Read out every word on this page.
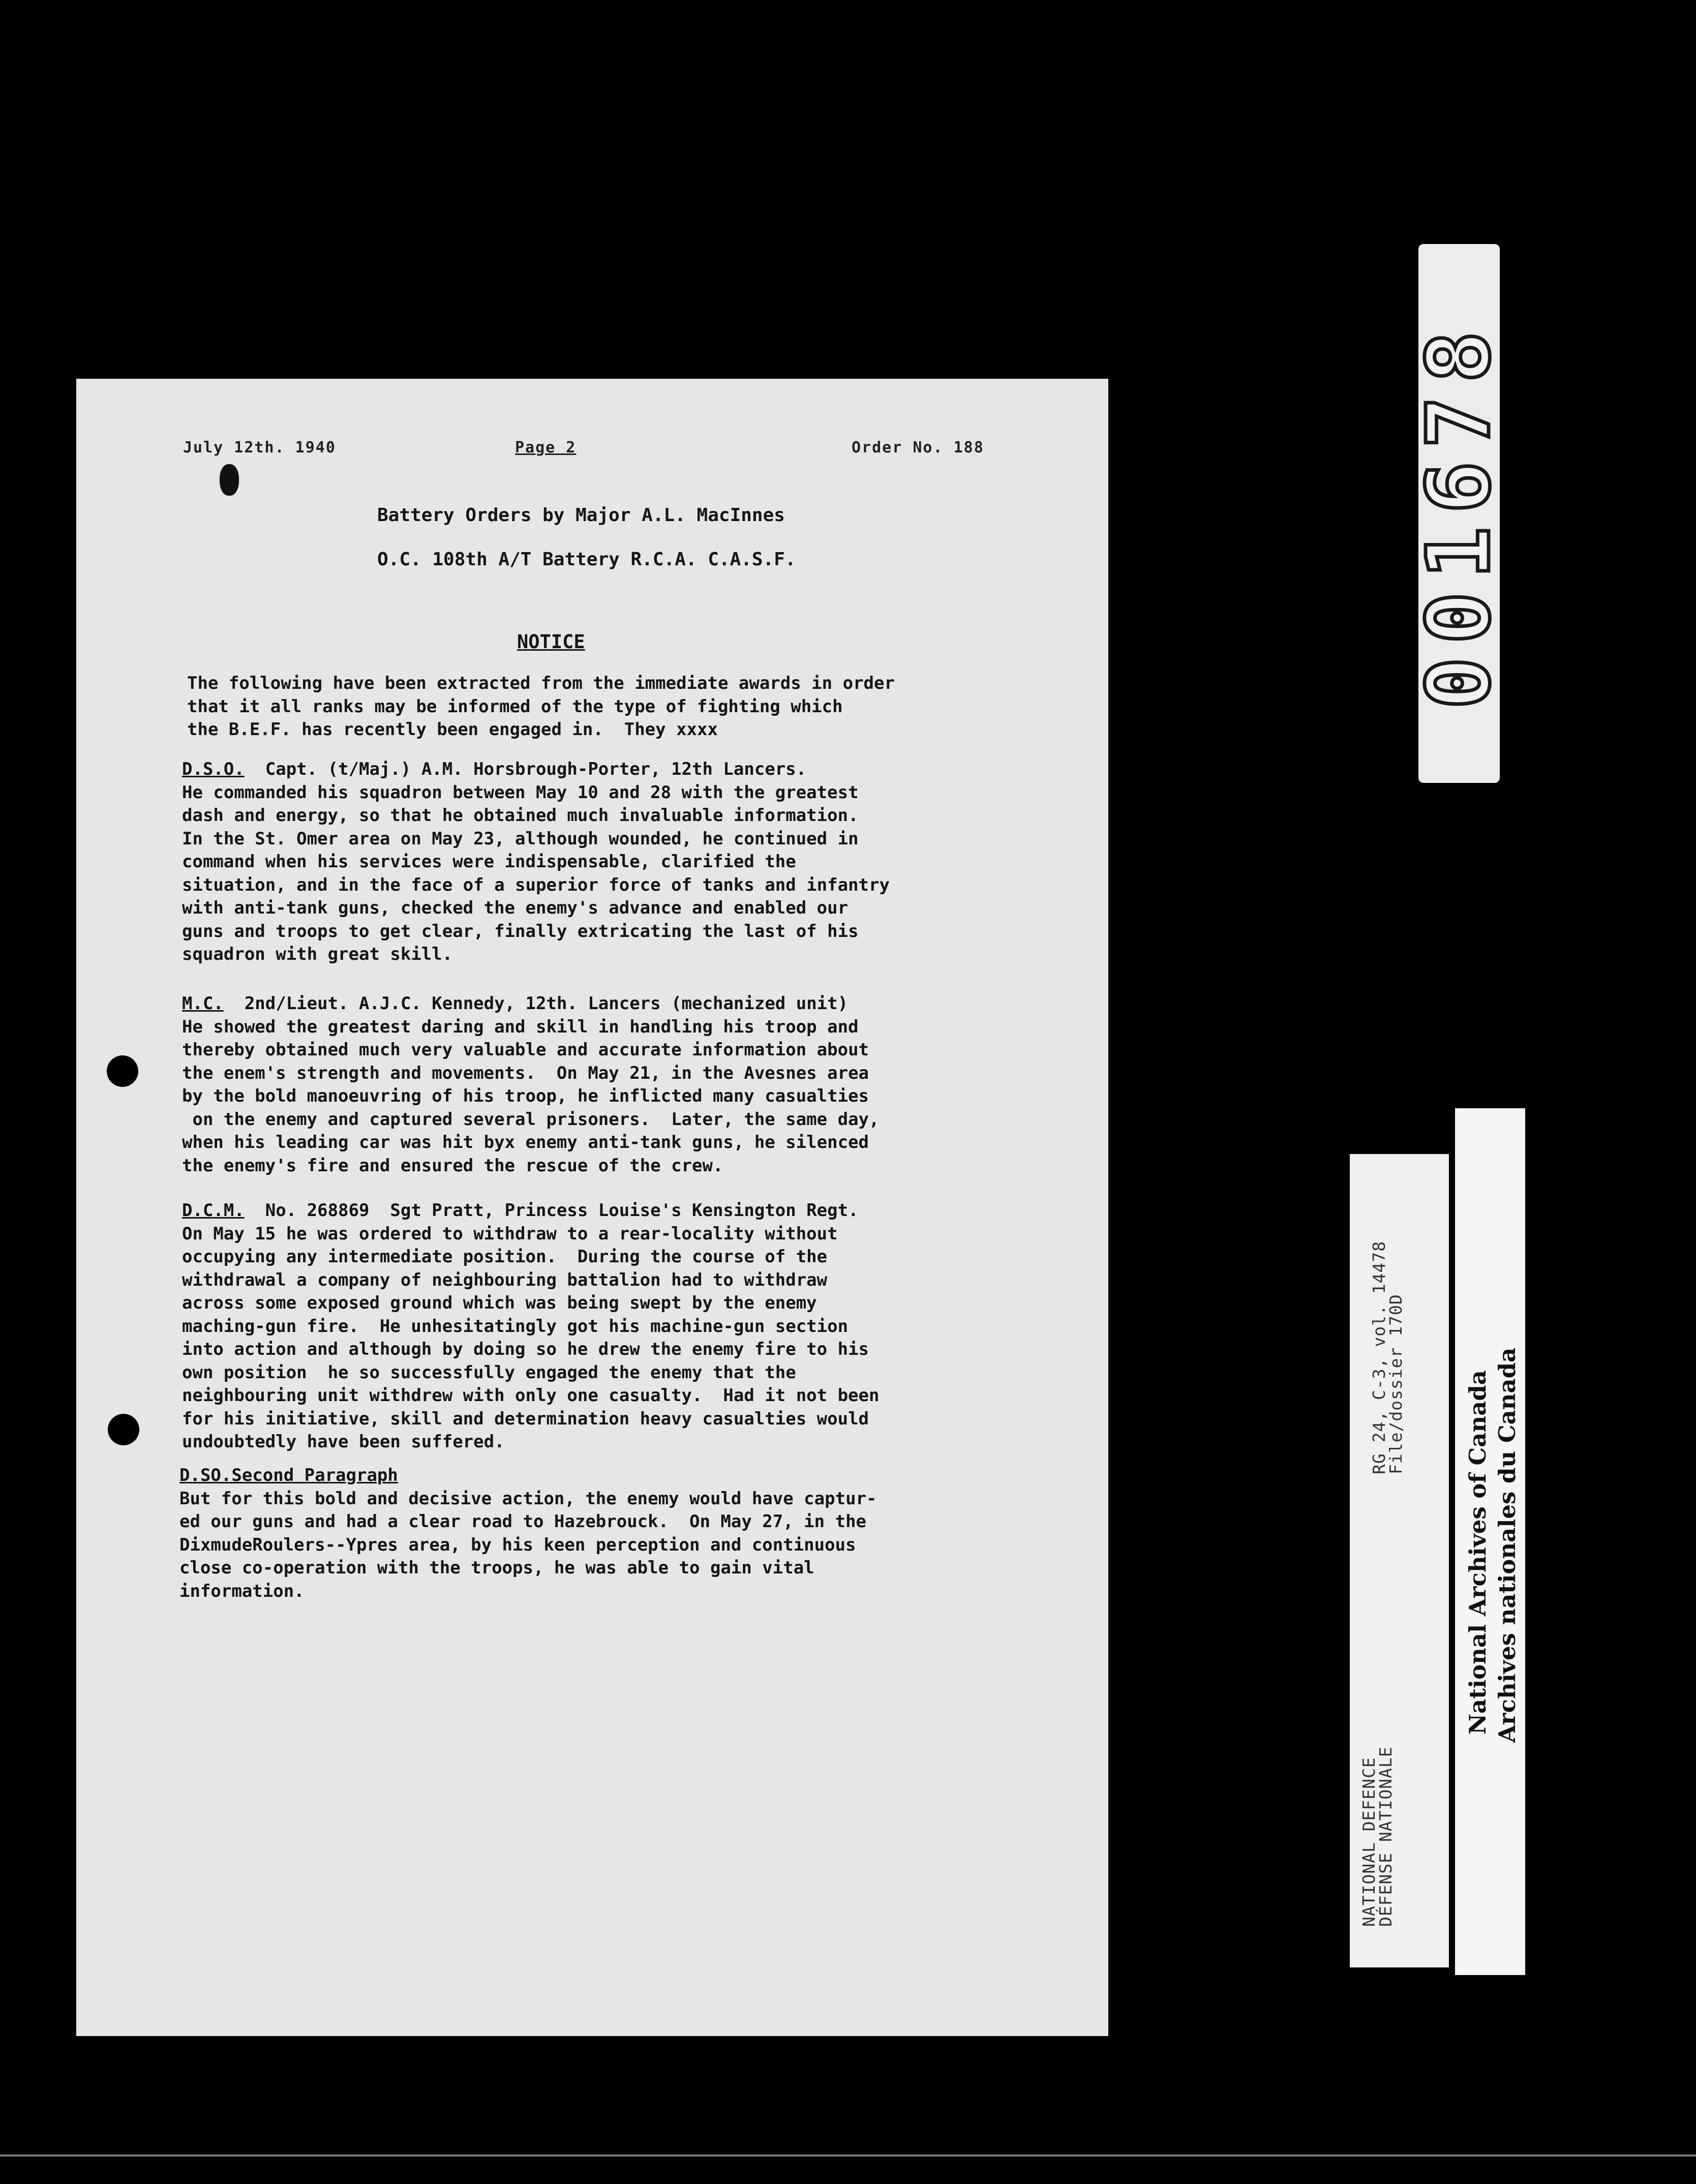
July 12th. 1940	Page 2	Order No. 188
Battery Orders by Major A.L. MacInnes
O.C. 108th A/T Battery R.C.A. C.A.S.F.
NOTICE
The following have been extracted from the immediate awards in order
that it all ranks may be informed of the type of fighting which
the B.E.F. has recently been engaged in.  They xxxx
D.S.O.  Capt. (t/Maj.) A.M. Horsbrough-Porter, 12th Lancers.
He commanded his squadron between May 10 and 28 with the greatest
dash and energy, so that he obtained much invaluable information.
In the St. Omer area on May 23, although wounded, he continued in
command when his services were indispensable, clarified the
situation, and in the face of a superior force of tanks and infantry
with anti-tank guns, checked the enemy's advance and enabled our
guns and troops to get clear, finally extricating the last of his
squadron with great skill.
M.C.  2nd/Lieut. A.J.C. Kennedy, 12th. Lancers (mechanized unit)
He showed the greatest daring and skill in handling his troop and
thereby obtained much very valuable and accurate information about
the enem's strength and movements.  On May 21, in the Avesnes area
by the bold manoeuvring of his troop, he inflicted many casualties
on the enemy and captured several prisoners.  Later, the same day,
when his leading car was hit byx enemy anti-tank guns, he silenced
the enemy's fire and ensured the rescue of the crew.
D.C.M.  No. 268869  Sgt Pratt, Princess Louise's Kensington Regt.
On May 15 he was ordered to withdraw to a rear-locality without
occupying any intermediate position.  During the course of the
withdrawal a company of neighbouring battalion had to withdraw
across some exposed ground which was being swept by the enemy
maching-gun fire.  He unhesitatingly got his machine-gun section
into action and although by doing so he drew the enemy fire to his
own position  he so successfully engaged the enemy that the
neighbouring unit withdrew with only one casualty.  Had it not been
for his initiative, skill and determination heavy casualties would
undoubtedly have been suffered.
D.SO.Second Paragraph
But for this bold and decisive action, the enemy would have captur-
ed our guns and had a clear road to Hazebrouck.  On May 27, in the
DixmudeRoulers--Ypres area, by his keen perception and continuous
close co-operation with the troops, he was able to gain vital
information.
001678
NATIONAL DEFENCE
DÉFENSE NATIONALE
RG 24, C-3, vol. 14478
File/dossier 170D	National Archives of Canada Archives nationales du Canada
